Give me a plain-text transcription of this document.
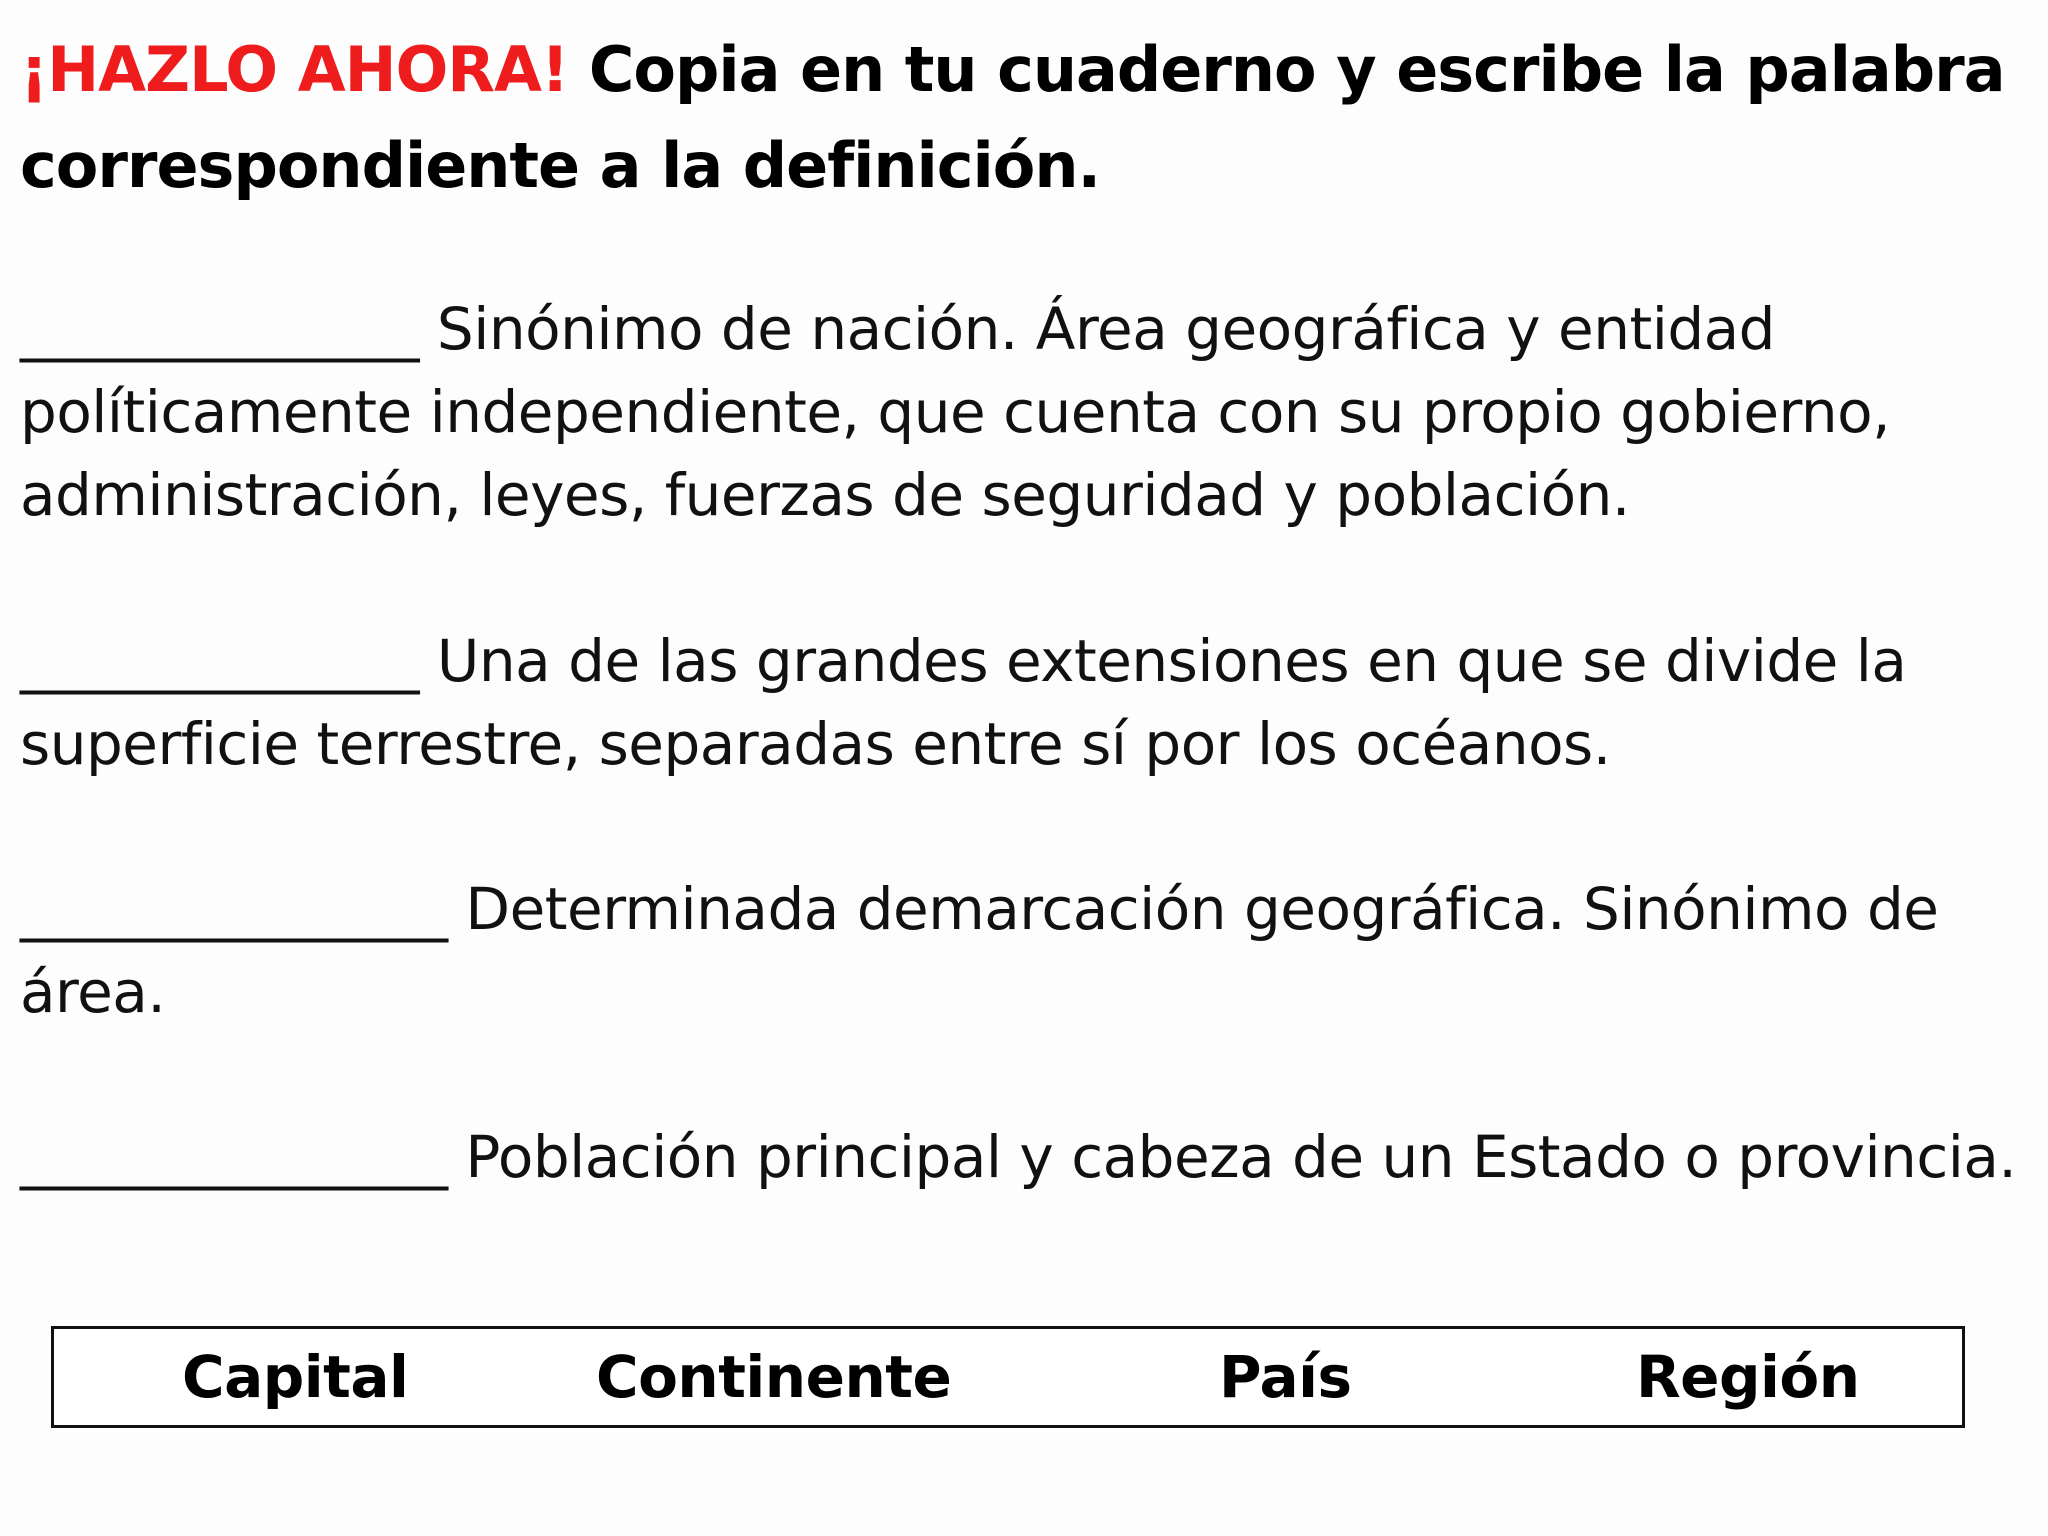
¡HAZLO AHORA! Copia en tu cuaderno y escribe la palabra correspondiente a la definición.
______________ Sinónimo de nación. Área geográfica y entidad políticamente independiente, que cuenta con su propio gobierno, administración, leyes, fuerzas de seguridad y población.
______________ Una de las grandes extensiones en que se divide la superficie terrestre, separadas entre sí por los océanos.
_______________ Determinada demarcación geográfica. Sinónimo de área.
_______________ Población principal y cabeza de un Estado o provincia.
Capital	Continente	País	Región
